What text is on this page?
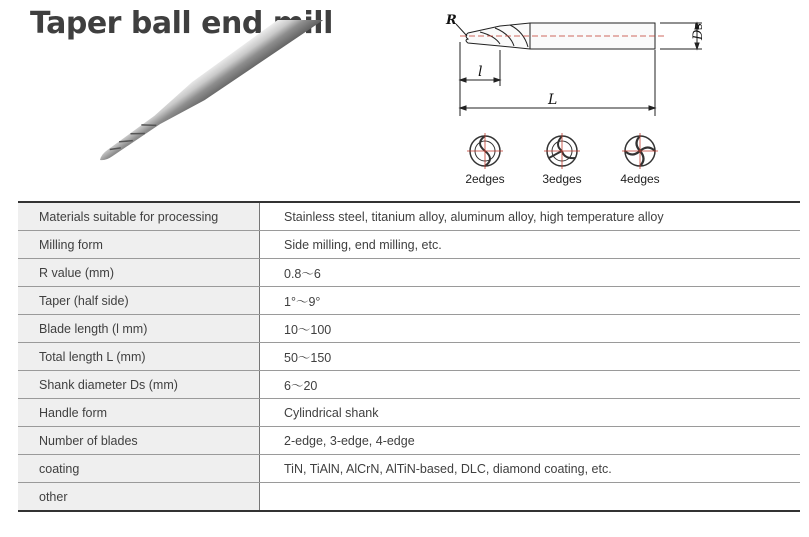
Taper ball end mill	R
l
L
Ds
2edges	3edges	4edges
Materials suitable for processing	Stainless steel, titanium alloy, aluminum alloy, high temperature alloy
Milling form	Side milling, end milling, etc.
R value (mm)	0.8～6
Taper (half side)	1°～9°
Blade length (l mm)	10～100
Total length L (mm)	50～150
Shank diameter Ds (mm)	6～20
Handle form	Cylindrical shank
Number of blades	2-edge, 3-edge, 4-edge
coating	TiN, TiAlN, AlCrN, AlTiN-based, DLC, diamond coating, etc.
other	
